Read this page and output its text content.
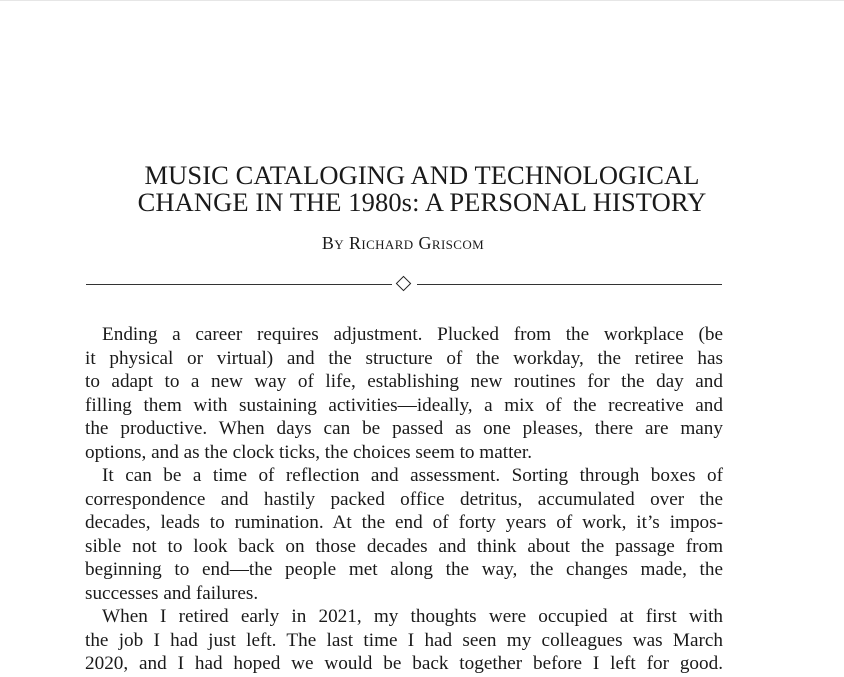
MUSIC CATALOGING AND TECHNOLOGICAL
CHANGE IN THE 1980s: A PERSONAL HISTORY
By Richard Griscom
Ending a career requires adjustment. Plucked from the workplace (be
it physical or virtual) and the structure of the workday, the retiree has
to adapt to a new way of life, establishing new routines for the day and
filling them with sustaining activities—ideally, a mix of the recreative and
the productive. When days can be passed as one pleases, there are many
options, and as the clock ticks, the choices seem to matter.
It can be a time of reflection and assessment. Sorting through boxes of
correspondence and hastily packed office detritus, accumulated over the
decades, leads to rumination. At the end of forty years of work, it’s impos-
sible not to look back on those decades and think about the passage from
beginning to end—the people met along the way, the changes made, the
successes and failures.
When I retired early in 2021, my thoughts were occupied at first with
the job I had just left. The last time I had seen my colleagues was March
2020, and I had hoped we would be back together before I left for good.
